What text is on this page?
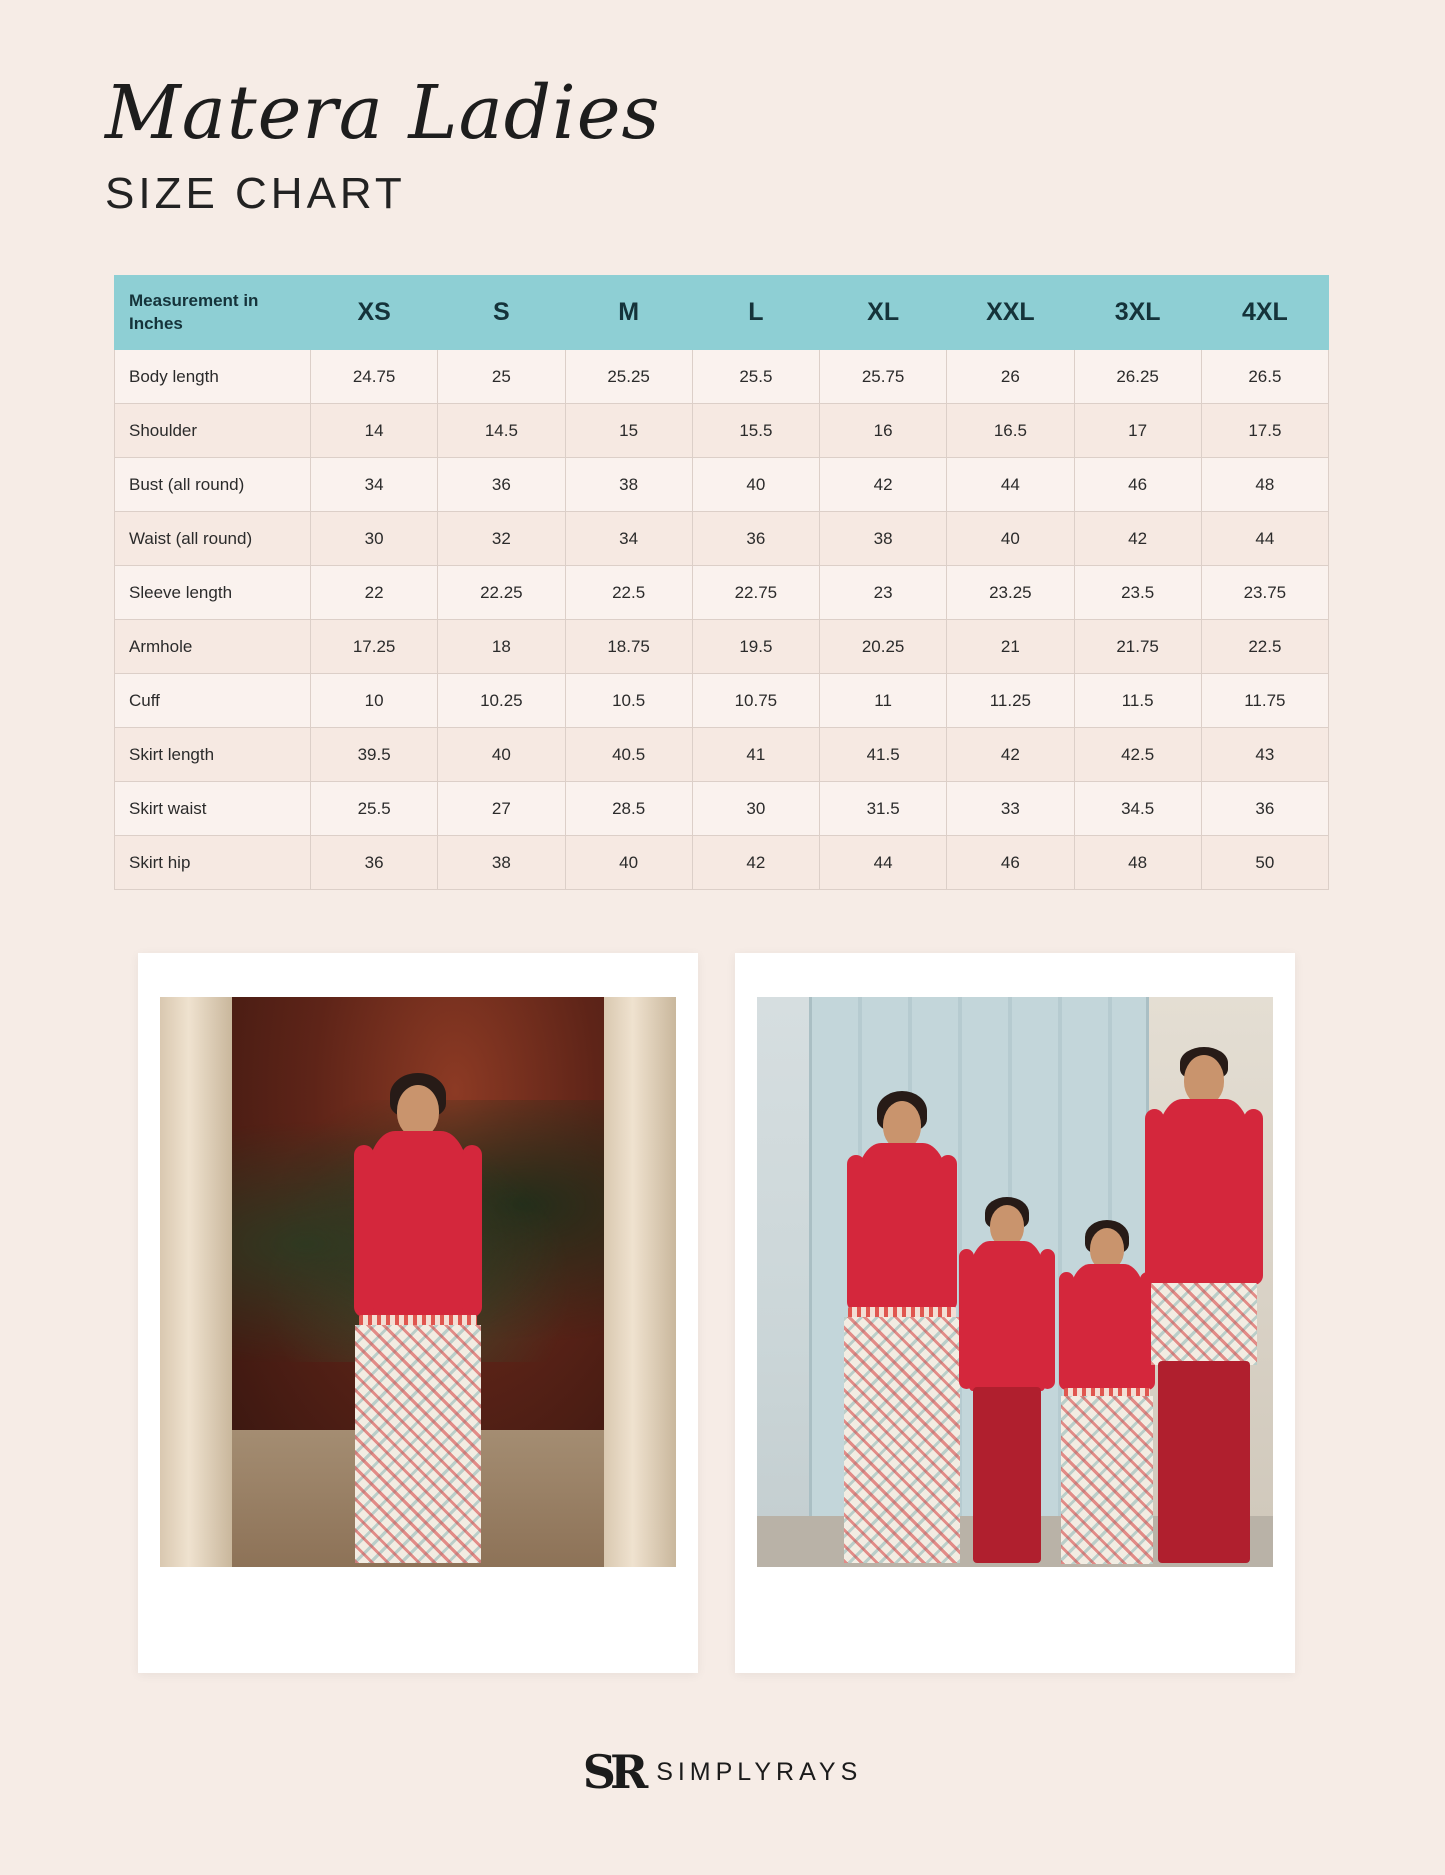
Matera Ladies
SIZE CHART
Measurement in Inches	XS	S	M	L	XL	XXL	3XL	4XL
Body length	24.75	25	25.25	25.5	25.75	26	26.25	26.5
Shoulder	14	14.5	15	15.5	16	16.5	17	17.5
Bust (all round)	34	36	38	40	42	44	46	48
Waist (all round)	30	32	34	36	38	40	42	44
Sleeve length	22	22.25	22.5	22.75	23	23.25	23.5	23.75
Armhole	17.25	18	18.75	19.5	20.25	21	21.75	22.5
Cuff	10	10.25	10.5	10.75	11	11.25	11.5	11.75
Skirt length	39.5	40	40.5	41	41.5	42	42.5	43
Skirt waist	25.5	27	28.5	30	31.5	33	34.5	36
Skirt hip	36	38	40	42	44	46	48	50
SR SIMPLYRAYS
